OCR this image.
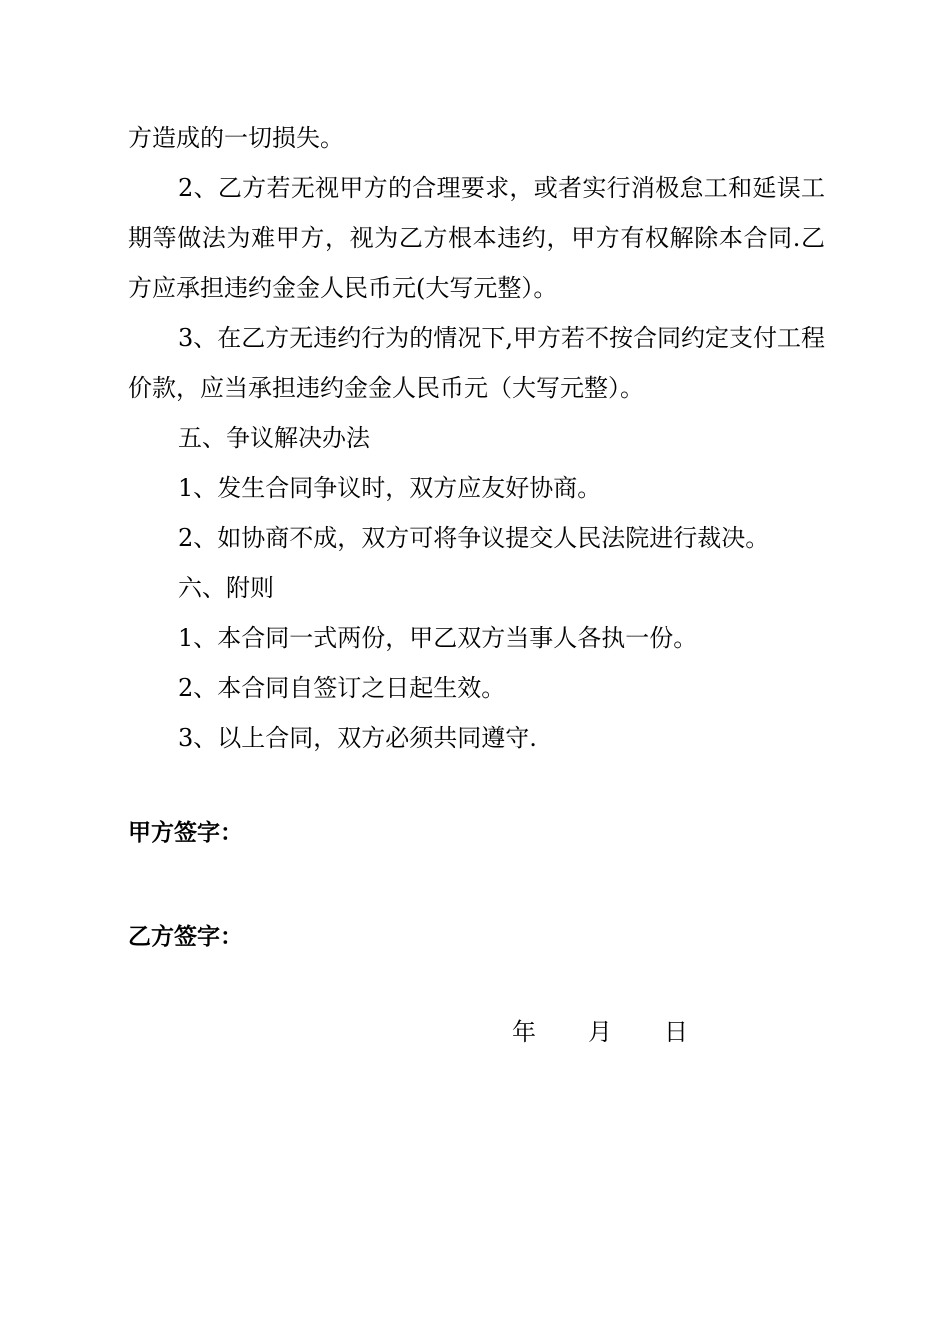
方造成的一切损失。

2、乙方若无视甲方的合理要求，或者实行消极怠工和延误工期等做法为难甲方，视为乙方根本违约，甲方有权解除本合同.乙方应承担违约金金人民币元(大写元整）。

3、在乙方无违约行为的情况下,甲方若不按合同约定支付工程价款，应当承担违约金金人民币元（大写元整）。

五、争议解决办法

1、发生合同争议时，双方应友好协商。

2、如协商不成，双方可将争议提交人民法院进行裁决。

六、附则

1、本合同一式两份，甲乙双方当事人各执一份。

2、本合同自签订之日起生效。

3、以上合同，双方必须共同遵守.

甲方签字：

乙方签字：

年 月 日
